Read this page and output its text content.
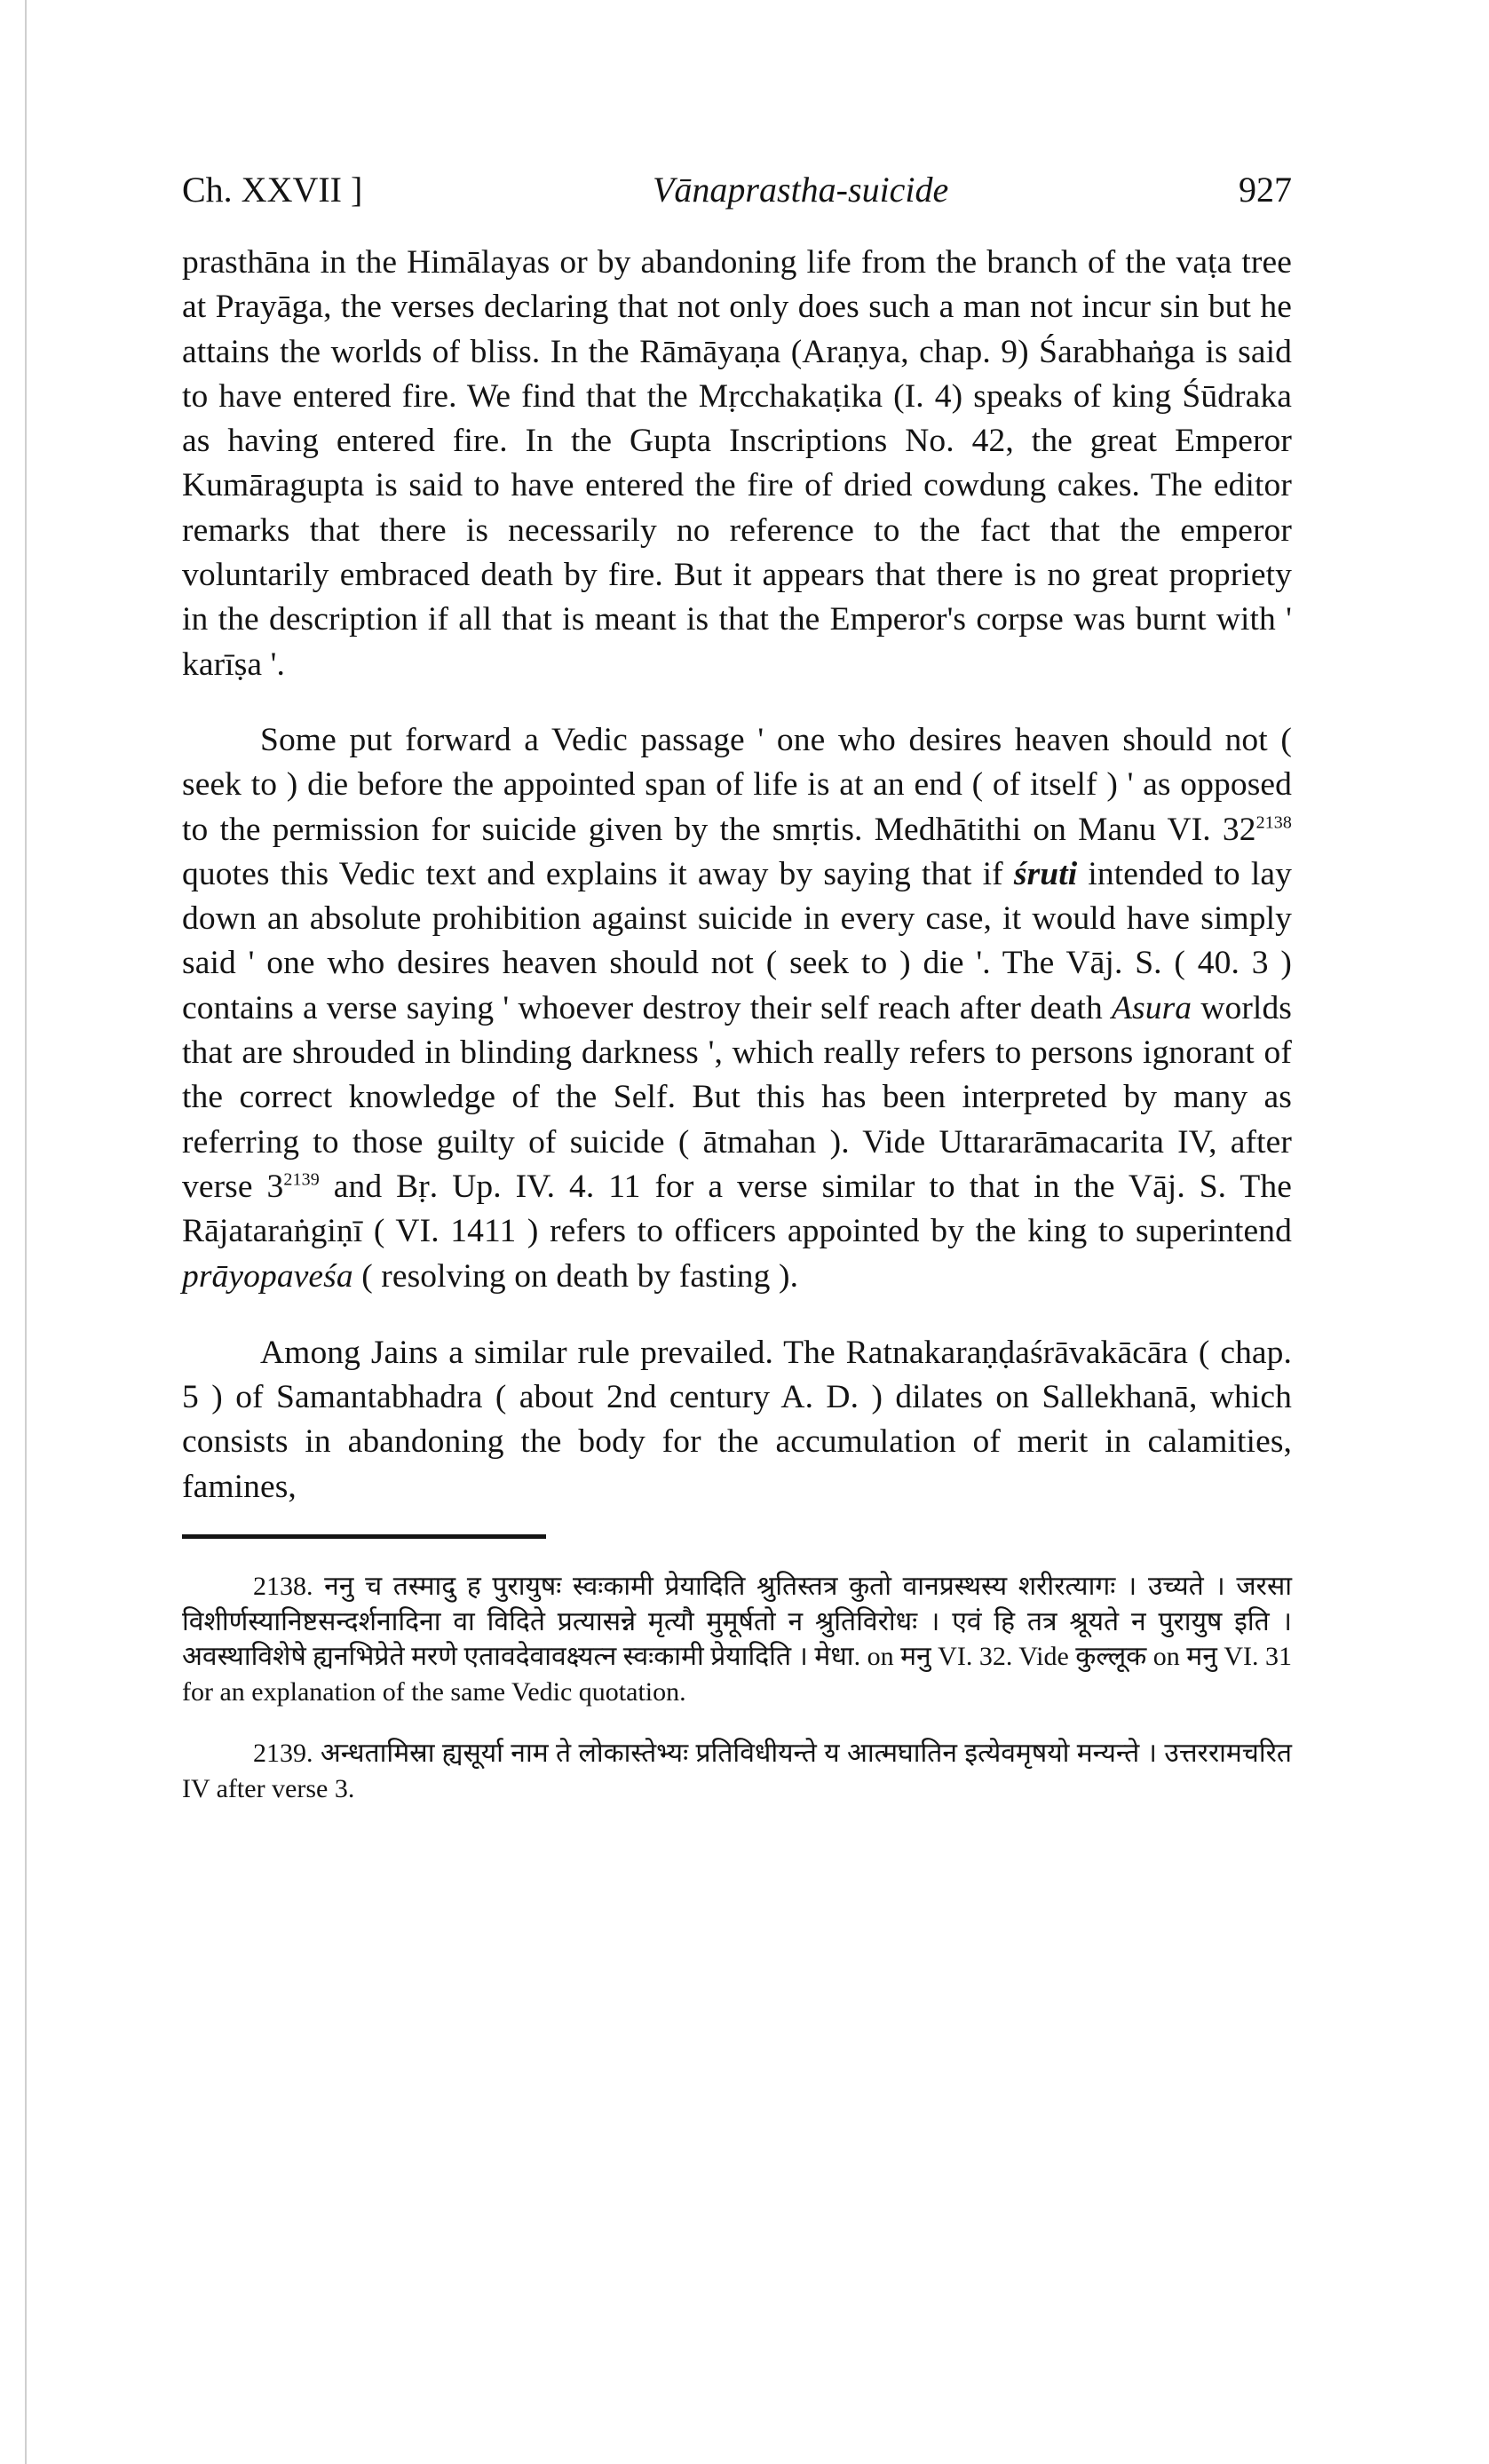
Ch. XXVII ]	Vānaprastha-suicide	927

prasthāna in the Himālayas or by abandoning life from the branch of the vaṭa tree at Prayāga, the verses declaring that not only does such a man not incur sin but he attains the worlds of bliss. In the Rāmāyaṇa (Araṇya, chap. 9) Śarabhaṅga is said to have entered fire. We find that the Mṛcchakaṭika (I. 4) speaks of king Śūdraka as having entered fire. In the Gupta Inscriptions No. 42, the great Emperor Kumāragupta is said to have entered the fire of dried cowdung cakes. The editor remarks that there is necessarily no reference to the fact that the emperor voluntarily embraced death by fire. But it appears that there is no great propriety in the description if all that is meant is that the Emperor's corpse was burnt with ' karīṣa '.

Some put forward a Vedic passage ' one who desires heaven should not ( seek to ) die before the appointed span of life is at an end ( of itself ) ' as opposed to the permission for suicide given by the smṛtis. Medhātithi on Manu VI. $32^{2138}$ quotes this Vedic text and explains it away by saying that if śruti intended to lay down an absolute prohibition against suicide in every case, it would have simply said ' one who desires heaven should not ( seek to ) die '. The Vāj. S. ( 40. 3 ) contains a verse saying ' whoever destroy their self reach after death Asura worlds that are shrouded in blinding darkness ', which really refers to persons ignorant of the correct knowledge of the Self. But this has been interpreted by many as referring to those guilty of suicide ( ātmahan ). Vide Uttararāmacarita IV, after verse $3^{2139}$ and Bṛ. Up. IV. 4. 11 for a verse similar to that in the Vāj. S. The Rājataraṅgiṇī ( VI. 1411 ) refers to officers appointed by the king to superintend prāyopaveśa ( resolving on death by fasting ).

Among Jains a similar rule prevailed. The Ratnakaraṇḍaśrāvakācāra ( chap. 5 ) of Samantabhadra ( about 2nd century A. D. ) dilates on Sallekhanā, which consists in abandoning the body for the accumulation of merit in calamities, famines,

2138. ननु च तस्मादु ह पुरायुषः स्वःकामी प्रेयादिति श्रुतिस्तत्र कुतो वानप्रस्थस्य शरीरत्यागः । उच्यते । जरसा विशीर्णस्यानिष्टसन्दर्शनादिना वा विदिते प्रत्यासन्ने मृत्यौ मुमूर्षतो न श्रुतिविरोधः । एवं हि तत्र श्रूयते न पुरायुष इति । अवस्थाविशेषे ह्यनभिप्रेते मरणे एतावदेवावक्ष्यत्न स्वःकामी प्रेयादिति । मेधा. on मनु VI. 32. Vide कुल्लूक on मनु VI. 31 for an explanation of the same Vedic quotation.

2139. अन्धतामिस्रा ह्यसूर्या नाम ते लोकास्तेभ्यः प्रतिविधीयन्ते य आत्मघातिन इत्येवमृषयो मन्यन्ते । उत्तररामचरित IV after verse 3.
